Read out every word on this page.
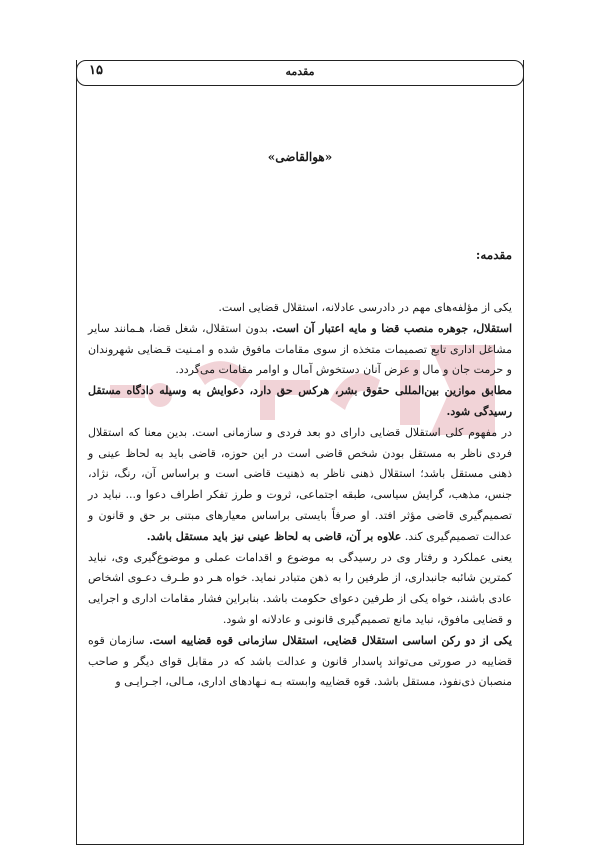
مقدمه
۱۵
«هوالقاضی»
مقدمه:
یکی از مؤلفه‌های مهم در دادرسی عادلانه، استقلال قضایی است.
استقلال، جوهره منصب قضا و مایه اعتبار آن است. بدون استقلال، شغل قضا، هـمانند سایر مشاغل اداری تابع تصمیمات متخذه از سوی مقامات مافوق شده و امـنیت قـضایی شهروندان و حرمت جان و مال و عرض آنان دستخوش آمال و اوامر مقامات می‌گردد.
مطابق موازین بین‌المللی حقوق بشر، هرکس حق دارد، دعوایش به وسیله دادگاه مستقل رسیدگی شود.
در مفهوم کلی استقلال قضایی دارای دو بعد فردی و سازمانی است. بدین معنا که استقلال فردی ناظر به مستقل بودن شخص قاضی است در این حوزه، قاضی باید به لحاظ عینی و ذهنی مستقل باشد؛ استقلال ذهنی ناظر به ذهنیت قاضی است و براساس آن، رنگ، نژاد، جنس، مذهب، گرایش سیاسی، طبقه اجتماعی، ثروت و طرز تفکر اطراف دعوا و... نباید در تصمیم‌گیری قاضی مؤثر افتد. او صرفاً بایستی براساس معیارهای مبتنی بر حق و قانون و عدالت تصمیم‌گیری کند. علاوه بر آن، قاضی به لحاظ عینی نیز باید مستقل باشد.
یعنی عملکرد و رفتار وی در رسیدگی به موضوع و اقدامات عملی و موضوع‌گیری وی، نباید کمترین شائبه جانبداری، از طرفین را به ذهن متبادر نماید. خواه هـر دو طـرف دعـوی اشخاص عادی باشند، خواه یکی از طرفین دعوای حکومت باشد. بنابراین فشار مقامات اداری و اجرایی و قضایی مافوق، نباید مانع تصمیم‌گیری قانونی و عادلانه او شود.
یکی از دو رکن اساسی استقلال قضایی، استقلال سازمانی قوه قضاییه است. سازمان قوه قضاییه در صورتی می‌تواند پاسدار قانون و عدالت باشد که در مقابل قوای دیگر و صاحب منصبان ذی‌نفوذ، مستقل باشد. قوه قضاییه وابسته بـه نـهادهای اداری، مـالی، اجـرایـی و
